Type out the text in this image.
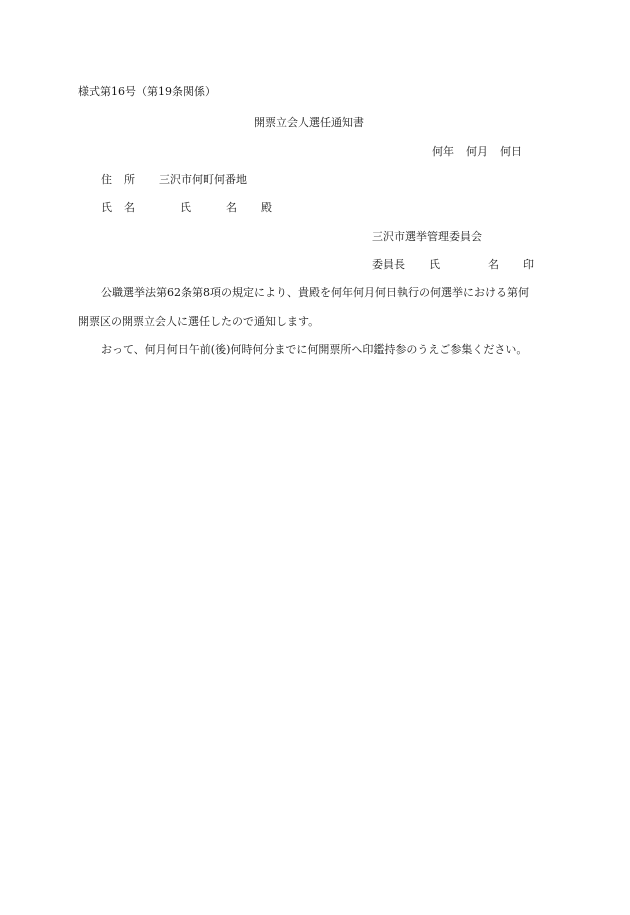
様式第16号（第19条関係）
開票立会人選任通知書
何年 何月 何日
住 所 三沢市何町何番地
氏 名	氏	名 殿
三沢市選挙管理委員会
委員長 氏	名 印
公職選挙法第62条第8項の規定により、貴殿を何年何月何日執行の何選挙における第何
開票区の開票立会人に選任したので通知します。
おって、何月何日午前(後)何時何分までに何開票所へ印鑑持参のうえご参集ください。
